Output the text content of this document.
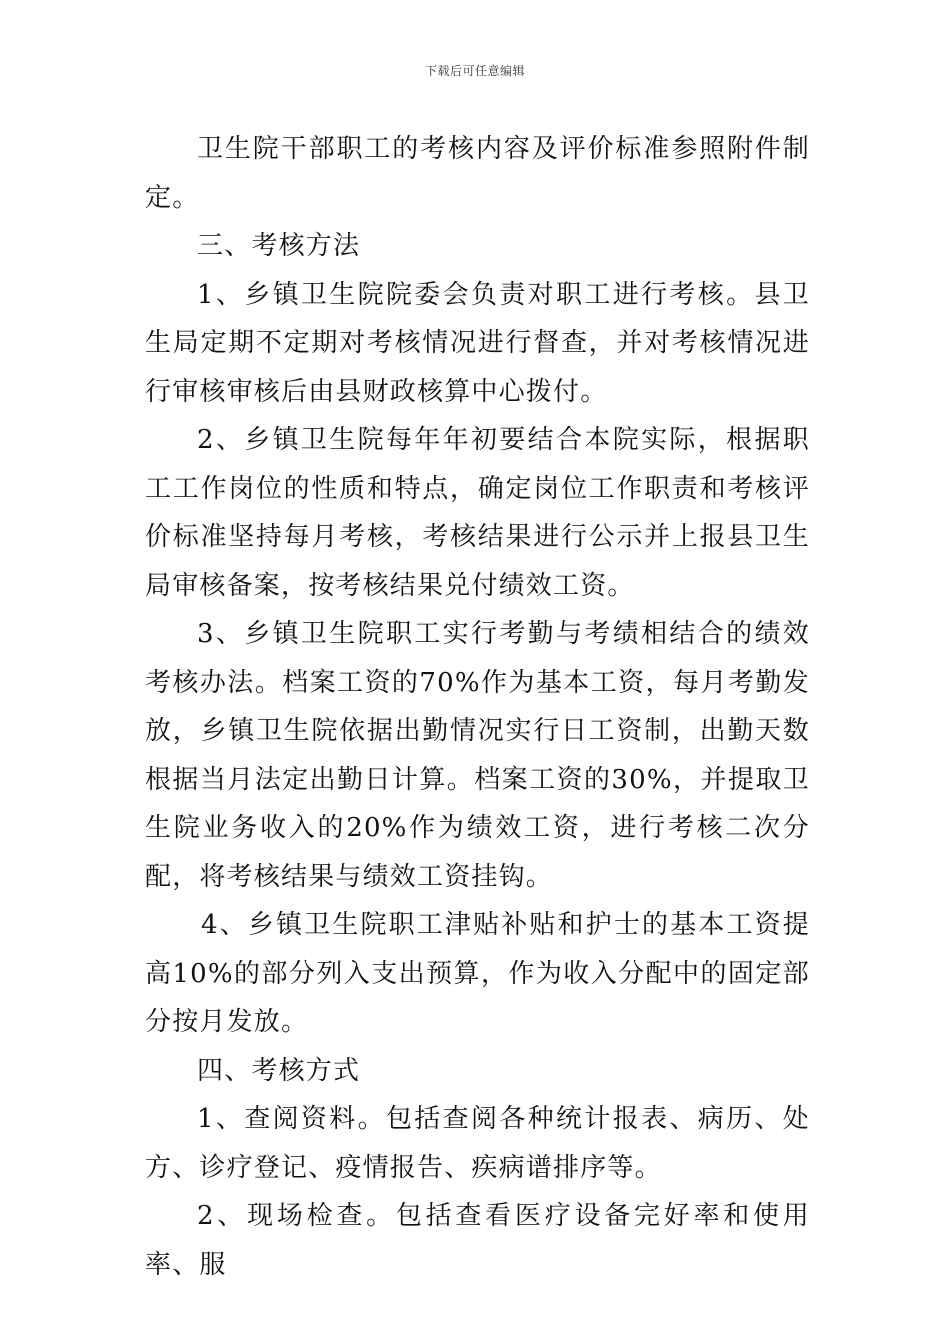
下载后可任意编辑

卫生院干部职工的考核内容及评价标准参照附件制定。

三、考核方法

1、乡镇卫生院院委会负责对职工进行考核。县卫生局定期不定期对考核情况进行督查，并对考核情况进行审核审核后由县财政核算中心拨付。

2、乡镇卫生院每年年初要结合本院实际，根据职工工作岗位的性质和特点，确定岗位工作职责和考核评价标准坚持每月考核，考核结果进行公示并上报县卫生局审核备案，按考核结果兑付绩效工资。

3、乡镇卫生院职工实行考勤与考绩相结合的绩效考核办法。档案工资的70%作为基本工资，每月考勤发放，乡镇卫生院依据出勤情况实行日工资制，出勤天数根据当月法定出勤日计算。档案工资的30%，并提取卫生院业务收入的20%作为绩效工资，进行考核二次分配，将考核结果与绩效工资挂钩。

4、乡镇卫生院职工津贴补贴和护士的基本工资提高10%的部分列入支出预算，作为收入分配中的固定部分按月发放。

四、考核方式

1、查阅资料。包括查阅各种统计报表、病历、处方、诊疗登记、疫情报告、疾病谱排序等。

2、现场检查。包括查看医疗设备完好率和使用率、服
